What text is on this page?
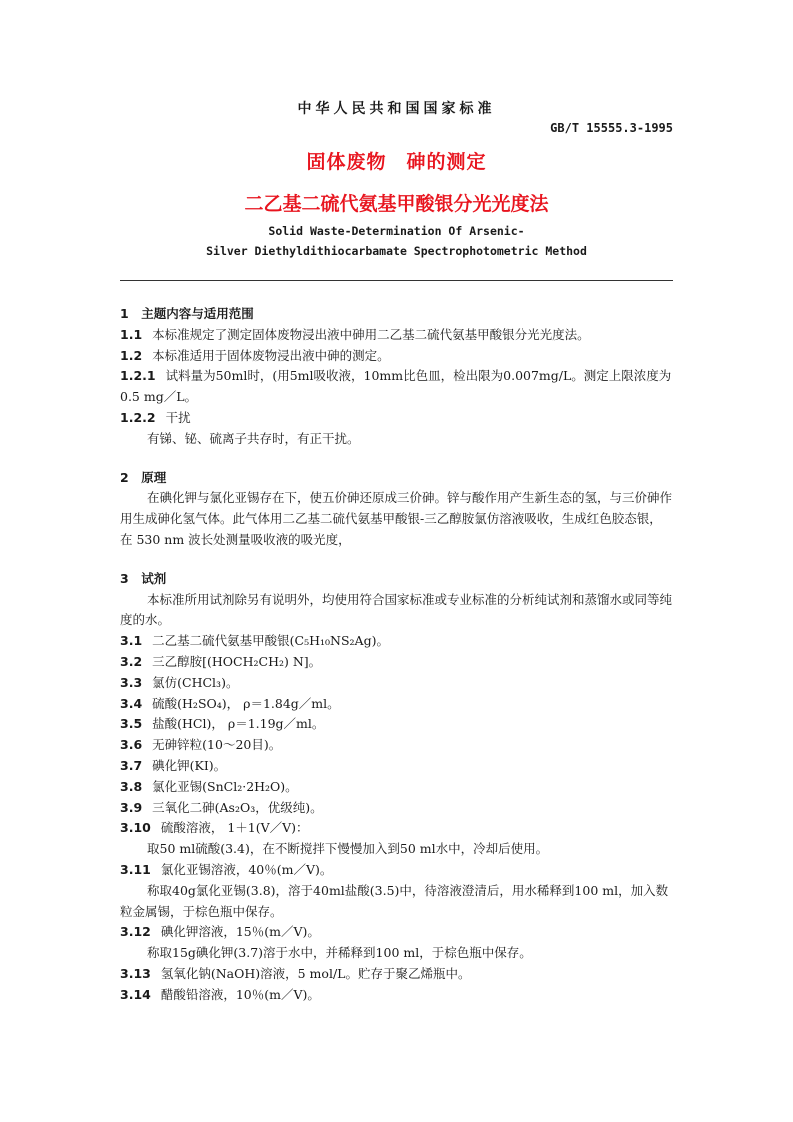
中华人民共和国国家标准
GB/T 15555.3-1995
固体废物　砷的测定
二乙基二硫代氨基甲酸银分光光度法
Solid Waste-Determination Of Arsenic-
Silver Diethyldithiocarbamate Spectrophotometric Method

1　主题内容与适用范围

1.1 本标准规定了测定固体废物浸出液中砷用二乙基二硫代氨基甲酸银分光光度法。

1.2 本标准适用于固体废物浸出液中砷的测定。

1.2.1 试料量为50ml时，(用5ml吸收液，10mm比色皿，检出限为0.007mg/L。测定上限浓度为0.5 mg／L。

1.2.2 干扰

有锑、铋、硫离子共存时，有正干扰。

2　原理

在碘化钾与氯化亚锡存在下，使五价砷还原成三价砷。锌与酸作用产生新生态的氢，与三价砷作用生成砷化氢气体。此气体用二乙基二硫代氨基甲酸银-三乙醇胺氯仿溶液吸收，生成红色胶态银，在 530 nm 波长处测量吸收液的吸光度，

3　试剂

本标准所用试剂除另有说明外，均使用符合国家标准或专业标准的分析纯试剂和蒸馏水或同等纯度的水。

3.1 二乙基二硫代氨基甲酸银(C₅H₁₀NS₂Ag)。

3.2 三乙醇胺[(HOCH₂CH₂) N]。

3.3 氯仿(CHCl₃)。

3.4 硫酸(H₂SO₄)， ρ＝1.84g／ml。

3.5 盐酸(HCl)， ρ＝1.19g／ml。

3.6 无砷锌粒(10～20目)。

3.7 碘化钾(KI)。

3.8 氯化亚锡(SnCl₂·2H₂O)。

3.9 三氧化二砷(As₂O₃，优级纯)。

3.10 硫酸溶液， 1＋1(V／V)：

取50 ml硫酸(3.4)，在不断搅拌下慢慢加入到50 ml水中，冷却后使用。

3.11 氯化亚锡溶液，40％(m／V)。

称取40g氯化亚锡(3.8)，溶于40ml盐酸(3.5)中，待溶液澄清后，用水稀释到100 ml，加入数粒金属锡，于棕色瓶中保存。

3.12 碘化钾溶液，15％(m／V)。

称取15g碘化钾(3.7)溶于水中，并稀释到100 ml，于棕色瓶中保存。

3.13 氢氧化钠(NaOH)溶液，5 mol/L。贮存于聚乙烯瓶中。

3.14 醋酸铅溶液，10％(m／V)。
